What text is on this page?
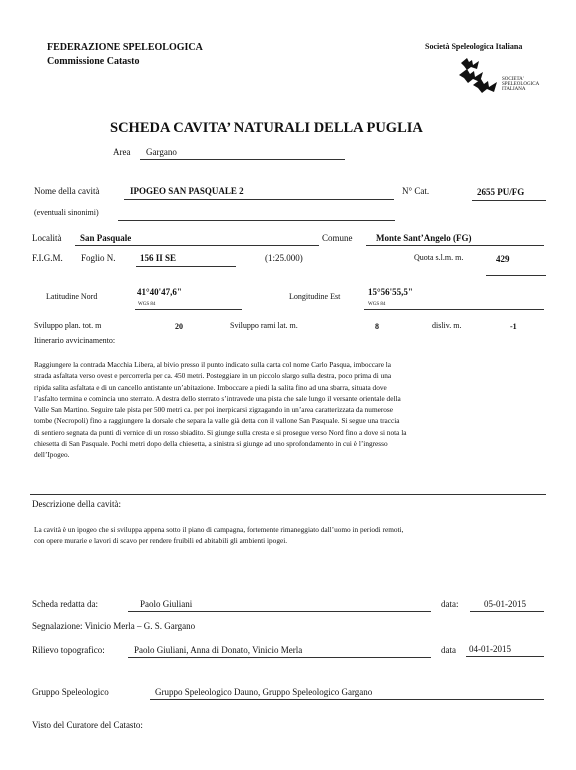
FEDERAZIONE SPELEOLOGICA
Commissione Catasto
Società Speleologica Italiana
SOCIETA'
SPELEOLOGICA
ITALIANA
SCHEDA CAVITA’ NATURALI DELLA PUGLIA
Area Gargano
Nome della cavità	IPOGEO SAN PASQUALE 2	N° Cat.	2655 PU/FG
(eventuali sinonimi)
Località San Pasquale	Comune	Monte Sant’Angelo (FG)
F.I.G.M. Foglio N.	156 II SE	(1:25.000)	Quota s.l.m. m.	429
Latitudine Nord	41°40'47,6"
WGS 84
Longitudine Est	15°56'55,5"
WGS 84
Sviluppo plan. tot. m	20	Sviluppo rami lat. m.	8	disliv. m.	-1
Itinerario avvicinamento:
Raggiungere la contrada Macchia Libera, al bivio presso il punto indicato sulla carta col nome Carlo Pasqua, imboccare la
strada asfaltata verso ovest e percorrerla per ca. 450 metri. Posteggiare in un piccolo slargo sulla destra, poco prima di una
ripida salita asfaltata e di un cancello antistante un’abitazione. Imboccare a piedi la salita fino ad una sbarra, situata dove
l’asfalto termina e comincia uno sterrato. A destra dello sterrato s’intravede una pista che sale lungo il versante orientale della
Valle San Martino. Seguire tale pista per 500 metri ca. per poi inerpicarsi zigzagando in un’area caratterizzata da numerose
tombe (Necropoli) fino a raggiungere la dorsale che separa la valle già detta con il vallone San Pasquale. Si segue una traccia
di sentiero segnata da punti di vernice di un rosso sbiadito. Si giunge sulla cresta e si prosegue verso Nord fino a dove si nota la
chiesetta di San Pasquale. Pochi metri dopo della chiesetta, a sinistra si giunge ad uno sprofondamento in cui è l’ingresso
dell’Ipogeo.
Descrizione della cavità:
La cavità è un ipogeo che si sviluppa appena sotto il piano di campagna, fortemente rimaneggiato dall’uomo in periodi remoti,
con opere murarie e lavori di scavo per rendere fruibili ed abitabili gli ambienti ipogei.
Scheda redatta da:	Paolo Giuliani	data:	05-01-2015
Segnalazione: Vinicio Merla – G. S. Gargano
Rilievo topografico:	Paolo Giuliani, Anna di Donato, Vinicio Merla	data 04-01-2015
Gruppo Speleologico	Gruppo Speleologico Dauno, Gruppo Speleologico Gargano
Visto del Curatore del Catasto:
